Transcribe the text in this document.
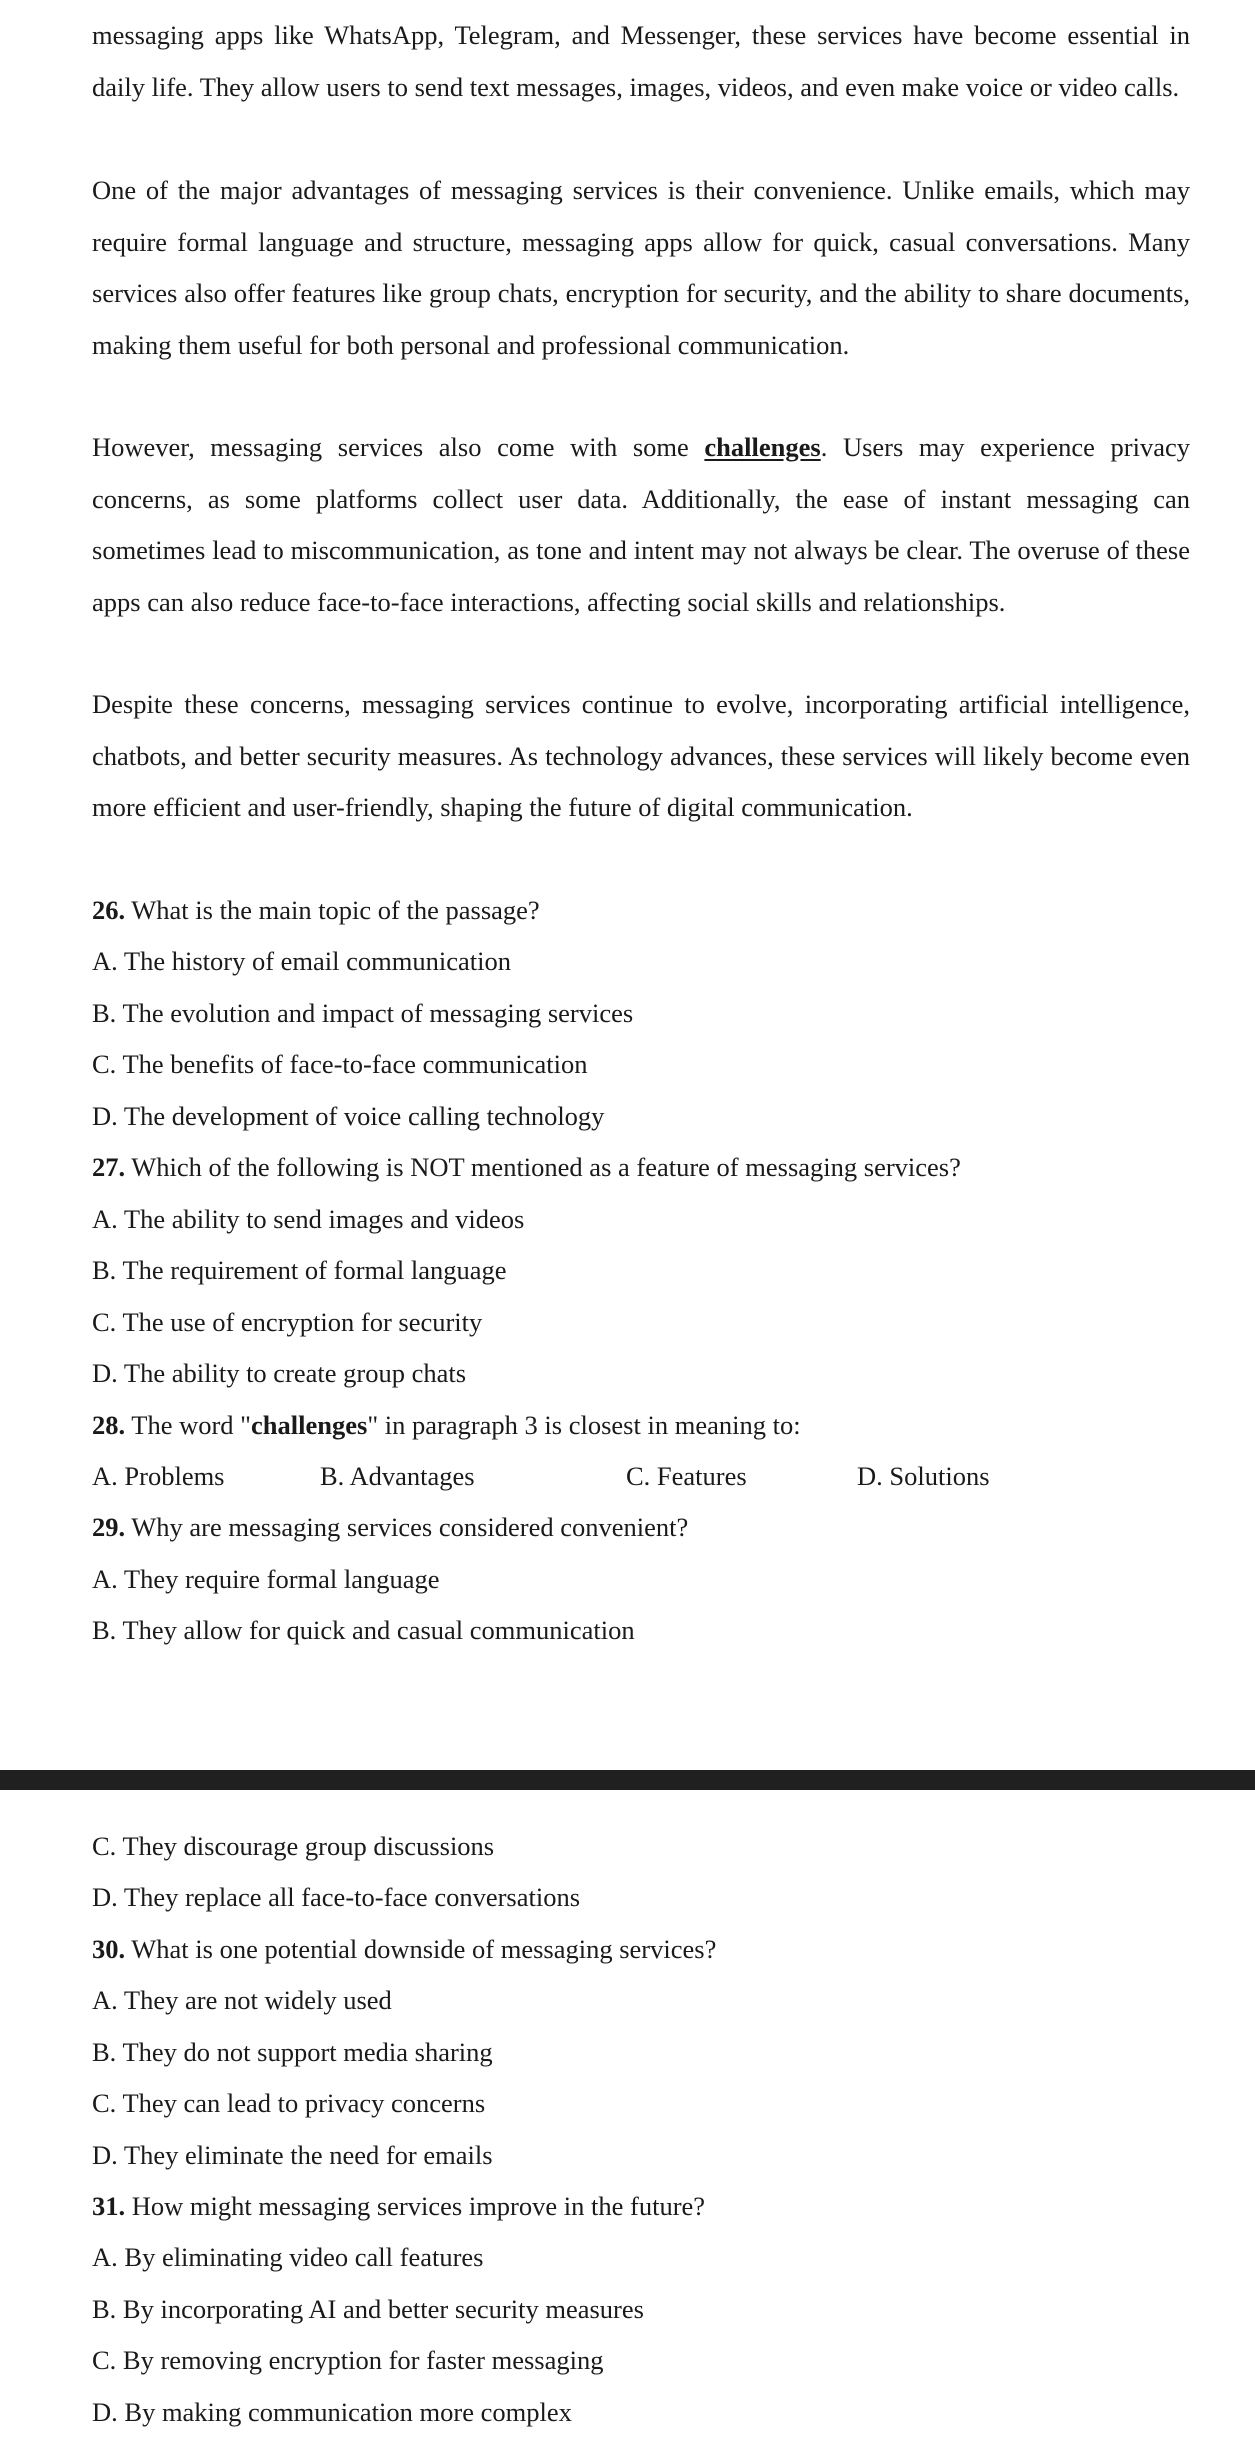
messaging apps like WhatsApp, Telegram, and Messenger, these services have become essential in daily life. They allow users to send text messages, images, videos, and even make voice or video calls.
One of the major advantages of messaging services is their convenience. Unlike emails, which may require formal language and structure, messaging apps allow for quick, casual conversations. Many services also offer features like group chats, encryption for security, and the ability to share documents, making them useful for both personal and professional communication.
However, messaging services also come with some challenges. Users may experience privacy concerns, as some platforms collect user data. Additionally, the ease of instant messaging can sometimes lead to miscommunication, as tone and intent may not always be clear. The overuse of these apps can also reduce face-to-face interactions, affecting social skills and relationships.
Despite these concerns, messaging services continue to evolve, incorporating artificial intelligence, chatbots, and better security measures. As technology advances, these services will likely become even more efficient and user-friendly, shaping the future of digital communication.
26. What is the main topic of the passage?
A. The history of email communication
B. The evolution and impact of messaging services
C. The benefits of face-to-face communication
D. The development of voice calling technology
27. Which of the following is NOT mentioned as a feature of messaging services?
A. The ability to send images and videos
B. The requirement of formal language
C. The use of encryption for security
D. The ability to create group chats
28. The word "challenges" in paragraph 3 is closest in meaning to:
A. Problems	B. Advantages	C. Features	D. Solutions
29. Why are messaging services considered convenient?
A. They require formal language
B. They allow for quick and casual communication
C. They discourage group discussions
D. They replace all face-to-face conversations
30. What is one potential downside of messaging services?
A. They are not widely used
B. They do not support media sharing
C. They can lead to privacy concerns
D. They eliminate the need for emails
31. How might messaging services improve in the future?
A. By eliminating video call features
B. By incorporating AI and better security measures
C. By removing encryption for faster messaging
D. By making communication more complex
